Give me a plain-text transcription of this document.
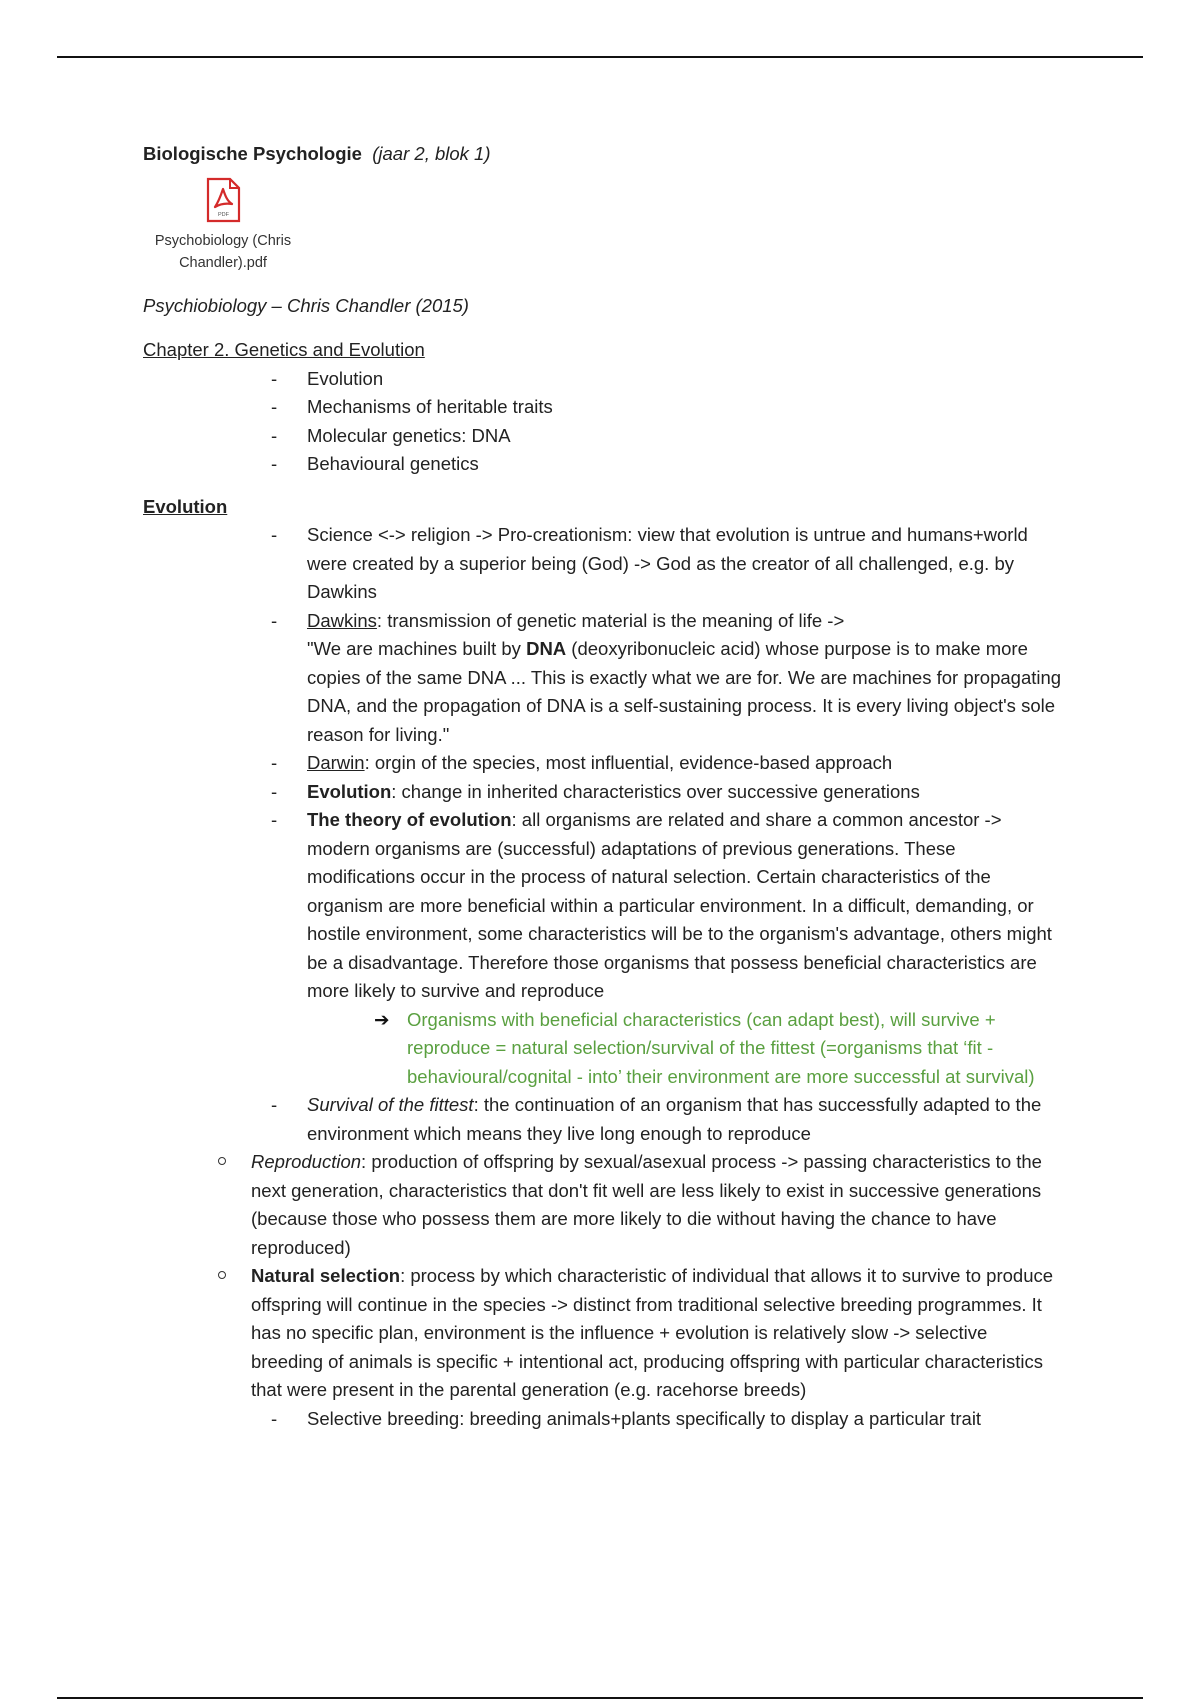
Biologische Psychologie (jaar 2, blok 1)

PDF
Psychobiology (Chris
Chandler).pdf
Psychiobiology – Chris Chandler (2015)
Chapter 2. Genetics and Evolution
- Evolution
- Mechanisms of heritable traits
- Molecular genetics: DNA
- Behavioural genetics
Evolution
- Science <-> religion -> Pro-creationism: view that evolution is untrue and humans+world were created by a superior being (God) -> God as the creator of all challenged, e.g. by Dawkins
- Dawkins: transmission of genetic material is the meaning of life ->
"We are machines built by DNA (deoxyribonucleic acid) whose purpose is to make more copies of the same DNA ... This is exactly what we are for. We are machines for propagating DNA, and the propagation of DNA is a self-sustaining process. It is every living object's sole reason for living."
- Darwin: orgin of the species, most influential, evidence-based approach
- Evolution: change in inherited characteristics over successive generations
- The theory of evolution: all organisms are related and share a common ancestor -> modern organisms are (successful) adaptations of previous generations. These modifications occur in the process of natural selection. Certain characteristics of the organism are more beneficial within a particular environment. In a difficult, demanding, or hostile environment, some characteristics will be to the organism's advantage, others might be a disadvantage. Therefore those organisms that possess beneficial characteristics are more likely to survive and reproduce
➔ Organisms with beneficial characteristics (can adapt best), will survive + reproduce = natural selection/survival of the fittest (=organisms that ‘fit - behavioural/cognital - into’ their environment are more successful at survival)
- Survival of the fittest: the continuation of an organism that has successfully adapted to the environment which means they live long enough to reproduce
Reproduction: production of offspring by sexual/asexual process -> passing characteristics to the next generation, characteristics that don't fit well are less likely to exist in successive generations (because those who possess them are more likely to die without having the chance to have reproduced)
Natural selection: process by which characteristic of individual that allows it to survive to produce offspring will continue in the species -> distinct from traditional selective breeding programmes. It has no specific plan, environment is the influence + evolution is relatively slow -> selective breeding of animals is specific + intentional act, producing offspring with particular characteristics that were present in the parental generation (e.g. racehorse breeds)
- Selective breeding: breeding animals+plants specifically to display a particular trait
